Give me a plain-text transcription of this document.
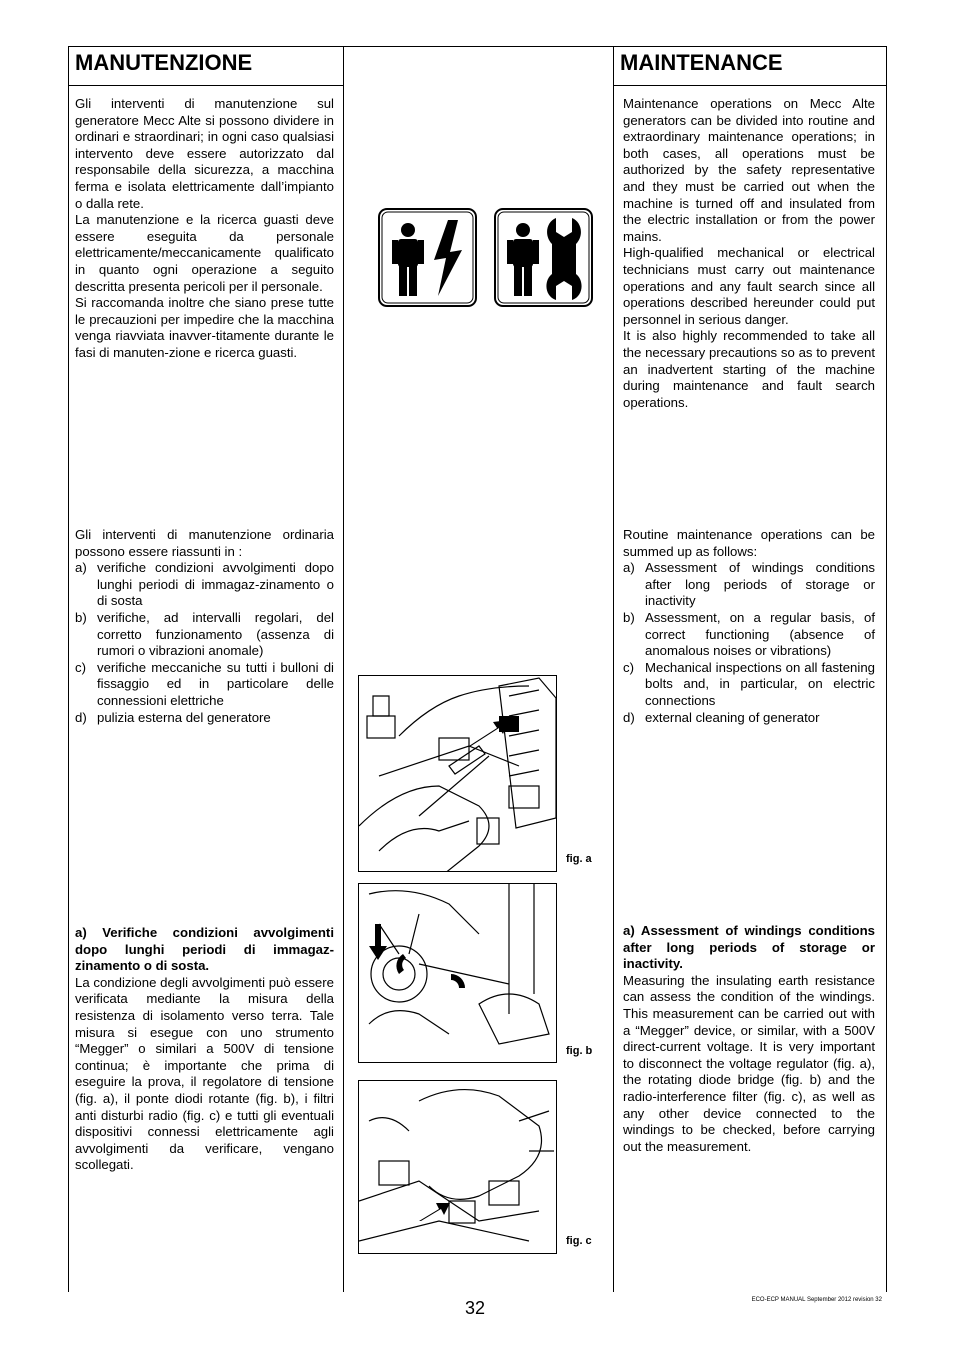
MANUTENZIONE	MAINTENANCE

Gli interventi di manutenzione sul generatore Mecc Alte si possono dividere in ordinari e straordinari; in ogni caso qualsiasi intervento deve essere autorizzato dal responsabile della sicurezza, a macchina ferma e isolata elettricamente dall’impianto o dalla rete.

La manutenzione e la ricerca guasti deve essere eseguita da personale elettricamente/meccanicamente qualificato in quanto ogni operazione a seguito descritta presenta pericoli per il personale.

Si raccomanda inoltre che siano prese tutte le precauzioni per impedire che la macchina venga riavviata inavver-titamente durante le fasi di manuten-zione e ricerca guasti.

Maintenance operations on Mecc Alte generators can be divided into routine and extraordinary maintenance operations; in both cases, all operations must be authorized by the safety representative and they must be carried out when the machine is turned off and insulated from the electric installation or from the power mains.

High-qualified mechanical or electrical technicians must carry out maintenance operations and any fault search since all operations described hereunder could put personnel in serious danger.

It is also highly recommended to take all the necessary precautions so as to prevent an inadvertent starting of the machine during maintenance and fault search operations.

Gli interventi di manutenzione ordinaria possono essere riassunti in :

a) verifiche condizioni avvolgimenti dopo lunghi periodi di immagaz-zinamento o di sosta
b) verifiche, ad intervalli regolari, del corretto funzionamento (assenza di rumori o vibrazioni anomale)
c) verifiche meccaniche su tutti i bulloni di fissaggio ed in particolare delle connessioni elettriche
d) pulizia esterna del generatore

Routine maintenance operations can be summed up as follows:

a) Assessment of windings conditions after long periods of storage or inactivity
b) Assessment, on a regular basis, of correct functioning (absence of anomalous noises or vibrations)
c) Mechanical inspections on all fastening bolts and, in particular, on electric connections
d) external cleaning of generator
fig. a
fig. b
fig. c

a) Verifiche condizioni avvolgimenti dopo lunghi periodi di immagaz-zinamento o di sosta.

La condizione degli avvolgimenti può essere verificata mediante la misura della resistenza di isolamento verso terra. Tale misura si esegue con uno strumento “Megger” o similari a 500V di tensione continua; è importante che prima di eseguire la prova, il regolatore di tensione (fig. a), il ponte diodi rotante (fig. b), i filtri anti disturbi radio (fig. c) e tutti gli eventuali dispositivi connessi elettricamente agli avvolgimenti da verificare, vengano scollegati.

a) Assessment of windings conditions after long periods of storage or inactivity.

Measuring the insulating earth resistance can assess the condition of the windings. This measurement can be carried out with a “Megger” device, or similar, with a 500V direct-current voltage. It is very important to disconnect the voltage regulator (fig. a), the rotating diode bridge (fig. b) and the radio-interference filter (fig. c), as well as any other device connected to the windings to be checked, before carrying out the measurement.

32	ECO-ECP MANUAL September 2012 revision 32
